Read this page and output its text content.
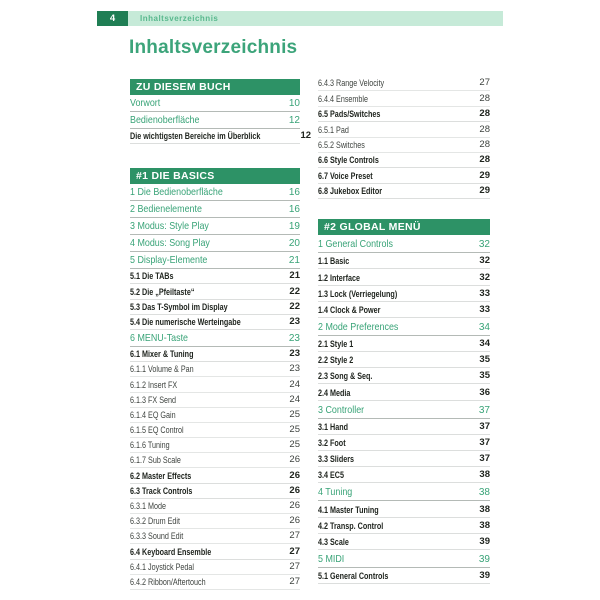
4	Inhaltsverzeichnis
Inhaltsverzeichnis
ZU DIESEM BUCH
Vorwort	10
Bedienoberfläche	12
Die wichtigsten Bereiche im Überblick	12
#1 DIE BASICS
1 Die Bedienoberfläche	16
2 Bedienelemente	16
3 Modus: Style Play	19
4 Modus: Song Play	20
5 Display-Elemente	21
5.1 Die TABs	21
5.2 Die „Pfeiltaste“	22
5.3 Das T-Symbol im Display	22
5.4 Die numerische Werteingabe	23
6 MENU-Taste	23
6.1 Mixer & Tuning	23
6.1.1 Volume & Pan	23
6.1.2 Insert FX	24
6.1.3 FX Send	24
6.1.4 EQ Gain	25
6.1.5 EQ Control	25
6.1.6 Tuning	25
6.1.7 Sub Scale	26
6.2 Master Effects	26
6.3 Track Controls	26
6.3.1 Mode	26
6.3.2 Drum Edit	26
6.3.3 Sound Edit	27
6.4 Keyboard Ensemble	27
6.4.1 Joystick Pedal	27
6.4.2 Ribbon/Aftertouch	27
6.4.3 Range Velocity	27
6.4.4 Ensemble	28
6.5 Pads/Switches	28
6.5.1 Pad	28
6.5.2 Switches	28
6.6 Style Controls	28
6.7 Voice Preset	29
6.8 Jukebox Editor	29
#2 GLOBAL MENÜ
1 General Controls	32
1.1 Basic	32
1.2 Interface	32
1.3 Lock (Verriegelung)	33
1.4 Clock & Power	33
2 Mode Preferences	34
2.1 Style 1	34
2.2 Style 2	35
2.3 Song & Seq.	35
2.4 Media	36
3 Controller	37
3.1 Hand	37
3.2 Foot	37
3.3 Sliders	37
3.4 EC5	38
4 Tuning	38
4.1 Master Tuning	38
4.2 Transp. Control	38
4.3 Scale	39
5 MIDI	39
5.1 General Controls	39
